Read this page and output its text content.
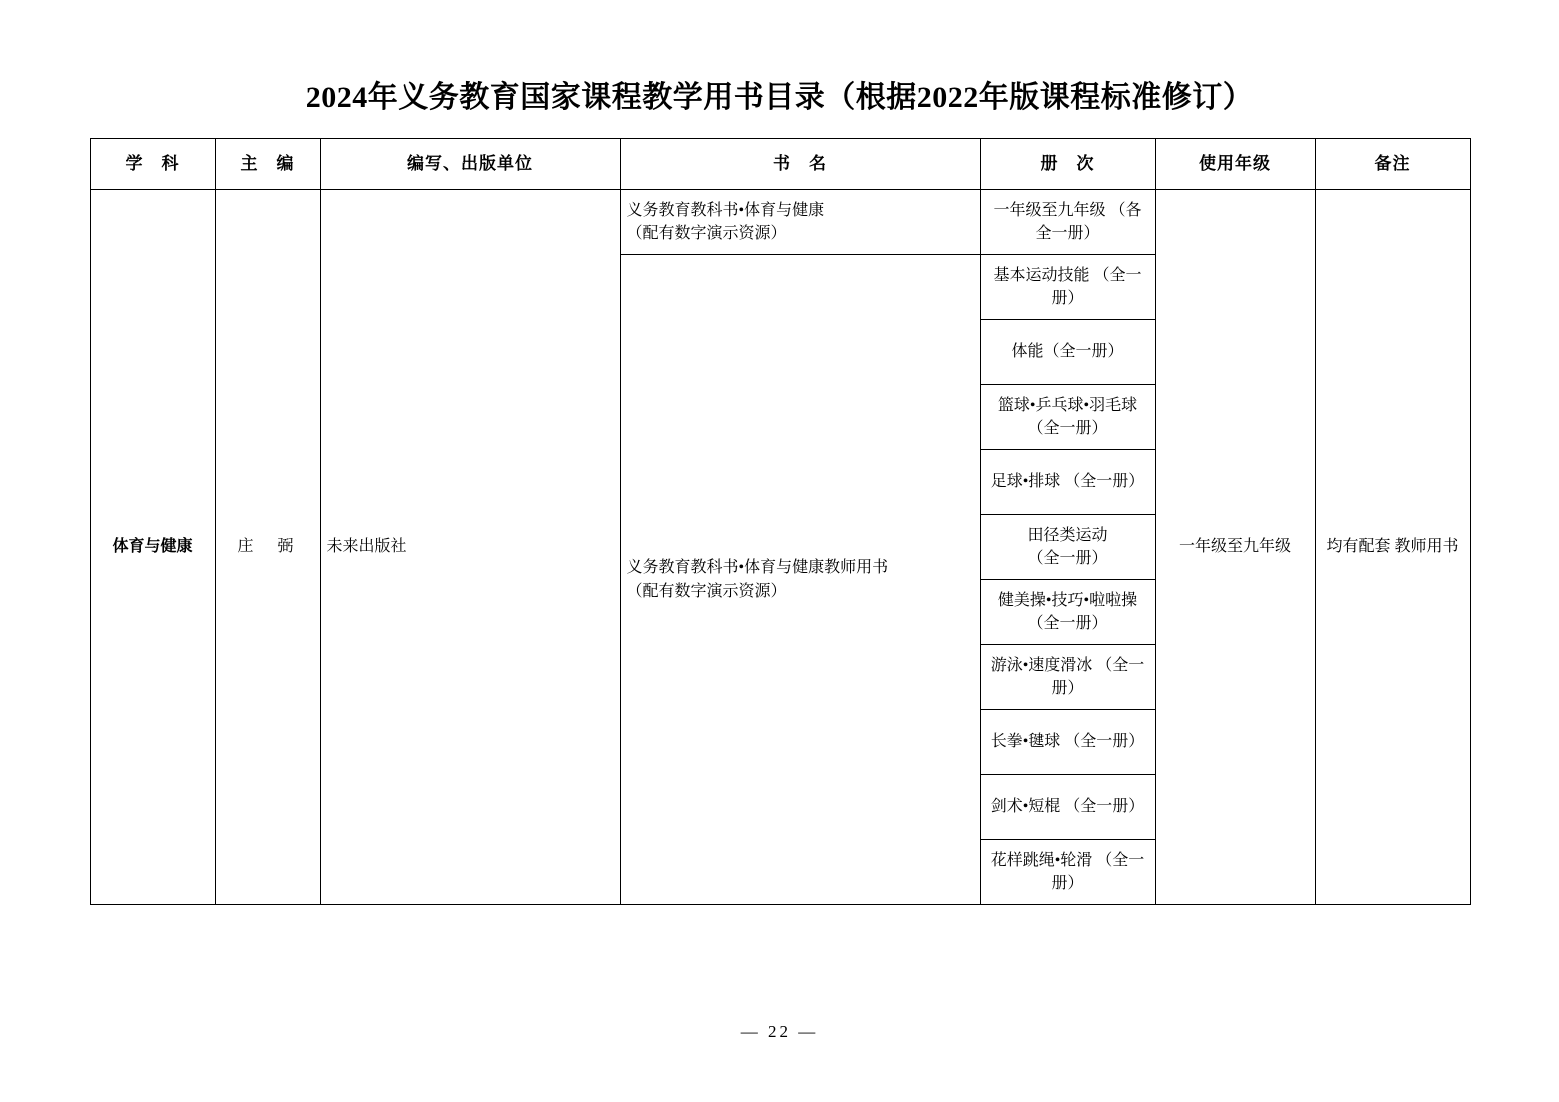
2024年义务教育国家课程教学用书目录（根据2022年版课程标准修订）
学　科	主　编	编写、出版单位	书　名	册　次	使用年级	备注
体育与健康	庄　弼	未来出版社	义务教育教科书•体育与健康
（配有数字演示资源）	一年级至九年级 （各全一册）	一年级至九年级	均有配套 教师用书

			义务教育教科书•体育与健康教师用书
（配有数字演示资源）	基本运动技能 （全一册）		
				体能（全一册）		
				篮球•乒乓球•羽毛球 （全一册）		
				足球•排球 （全一册）		
				田径类运动 （全一册）		
				健美操•技巧•啦啦操 （全一册）		
				游泳•速度滑冰 （全一册）		
				长拳•毽球 （全一册）		
				剑术•短棍 （全一册）		
				花样跳绳•轮滑 （全一册）		
— 22 —
